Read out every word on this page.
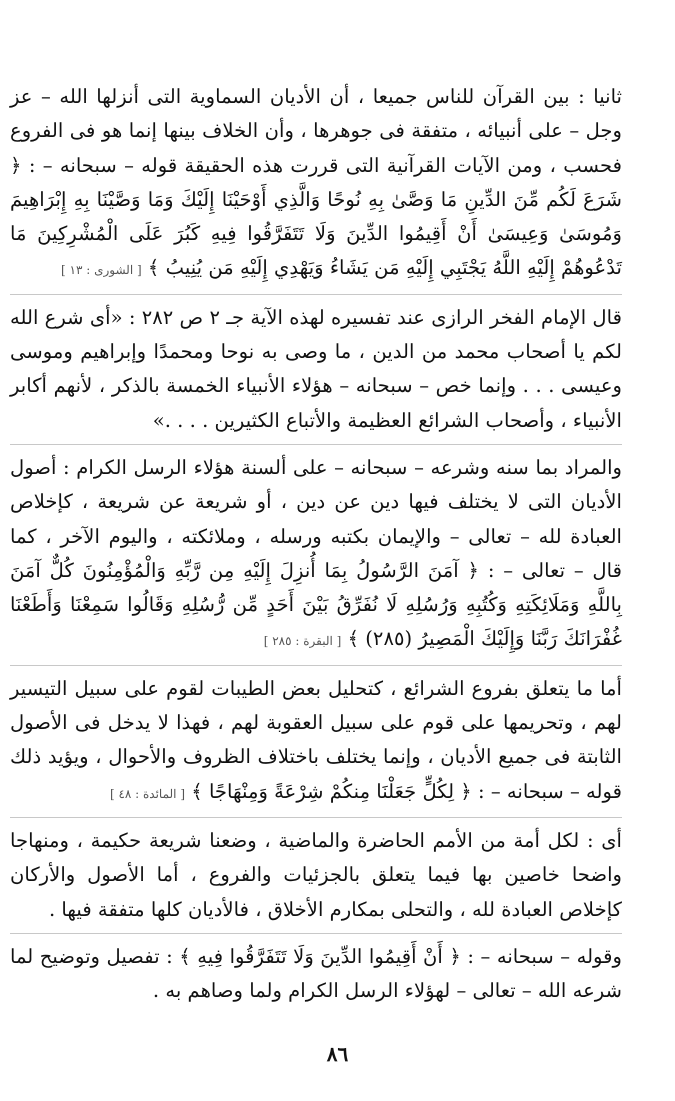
ثانيا : بين القرآن للناس جميعا ، أن الأديان السماوية التى أنزلها الله – عز وجل – على أنبيائه ، متفقة فى جوهرها ، وأن الخلاف بينها إنما هو فى الفروع فحسب ، ومن الآيات القرآنية التى قررت هذه الحقيقة قوله – سبحانه – : ﴿ شَرَعَ لَكُم مِّنَ الدِّينِ مَا وَصَّىٰ بِهِ نُوحًا وَالَّذِي أَوْحَيْنَا إِلَيْكَ وَمَا وَصَّيْنَا بِهِ إِبْرَاهِيمَ وَمُوسَىٰ وَعِيسَىٰ أَنْ أَقِيمُوا الدِّينَ وَلَا تَتَفَرَّقُوا فِيهِ كَبُرَ عَلَى الْمُشْرِكِينَ مَا تَدْعُوهُمْ إِلَيْهِ اللَّهُ يَجْتَبِي إِلَيْهِ مَن يَشَاءُ وَيَهْدِي إِلَيْهِ مَن يُنِيبُ ﴾ [ الشورى : ١٣ ]

قال الإمام الفخر الرازى عند تفسيره لهذه الآية جـ ٢ ص ٢٨٢ : «أى شرع الله لكم يا أصحاب محمد من الدين ، ما وصى به نوحا ومحمدًا وإبراهيم وموسى وعيسى . . . وإنما خص – سبحانه – هؤلاء الأنبياء الخمسة بالذكر ، لأنهم أكابر الأنبياء ، وأصحاب الشرائع العظيمة والأتباع الكثيرين . . . .»

والمراد بما سنه وشرعه – سبحانه – على ألسنة هؤلاء الرسل الكرام : أصول الأديان التى لا يختلف فيها دين عن دين ، أو شريعة عن شريعة ، كإخلاص العبادة لله – تعالى – والإيمان بكتبه ورسله ، وملائكته ، واليوم الآخر ، كما قال – تعالى – : ﴿ آمَنَ الرَّسُولُ بِمَا أُنزِلَ إِلَيْهِ مِن رَّبِّهِ وَالْمُؤْمِنُونَ كُلٌّ آمَنَ بِاللَّهِ وَمَلَائِكَتِهِ وَكُتُبِهِ وَرُسُلِهِ لَا نُفَرِّقُ بَيْنَ أَحَدٍ مِّن رُّسُلِهِ وَقَالُوا سَمِعْنَا وَأَطَعْنَا غُفْرَانَكَ رَبَّنَا وَإِلَيْكَ الْمَصِيرُ (٢٨٥) ﴾ [ البقرة : ٢٨٥ ]

أما ما يتعلق بفروع الشرائع ، كتحليل بعض الطيبات لقوم على سبيل التيسير لهم ، وتحريمها على قوم على سبيل العقوبة لهم ، فهذا لا يدخل فى الأصول الثابتة فى جميع الأديان ، وإنما يختلف باختلاف الظروف والأحوال ، ويؤيد ذلك قوله – سبحانه – : ﴿ لِكُلٍّ جَعَلْنَا مِنكُمْ شِرْعَةً وَمِنْهَاجًا ﴾ [ المائدة : ٤٨ ]

أى : لكل أمة من الأمم الحاضرة والماضية ، وضعنا شريعة حكيمة ، ومنهاجا واضحا خاصين بها فيما يتعلق بالجزئيات والفروع ، أما الأصول والأركان كإخلاص العبادة لله ، والتحلى بمكارم الأخلاق ، فالأديان كلها متفقة فيها .

وقوله – سبحانه – : ﴿ أَنْ أَقِيمُوا الدِّينَ وَلَا تَتَفَرَّقُوا فِيهِ ﴾ : تفصيل وتوضيح لما شرعه الله – تعالى – لهؤلاء الرسل الكرام ولما وصاهم به .

٨٦
